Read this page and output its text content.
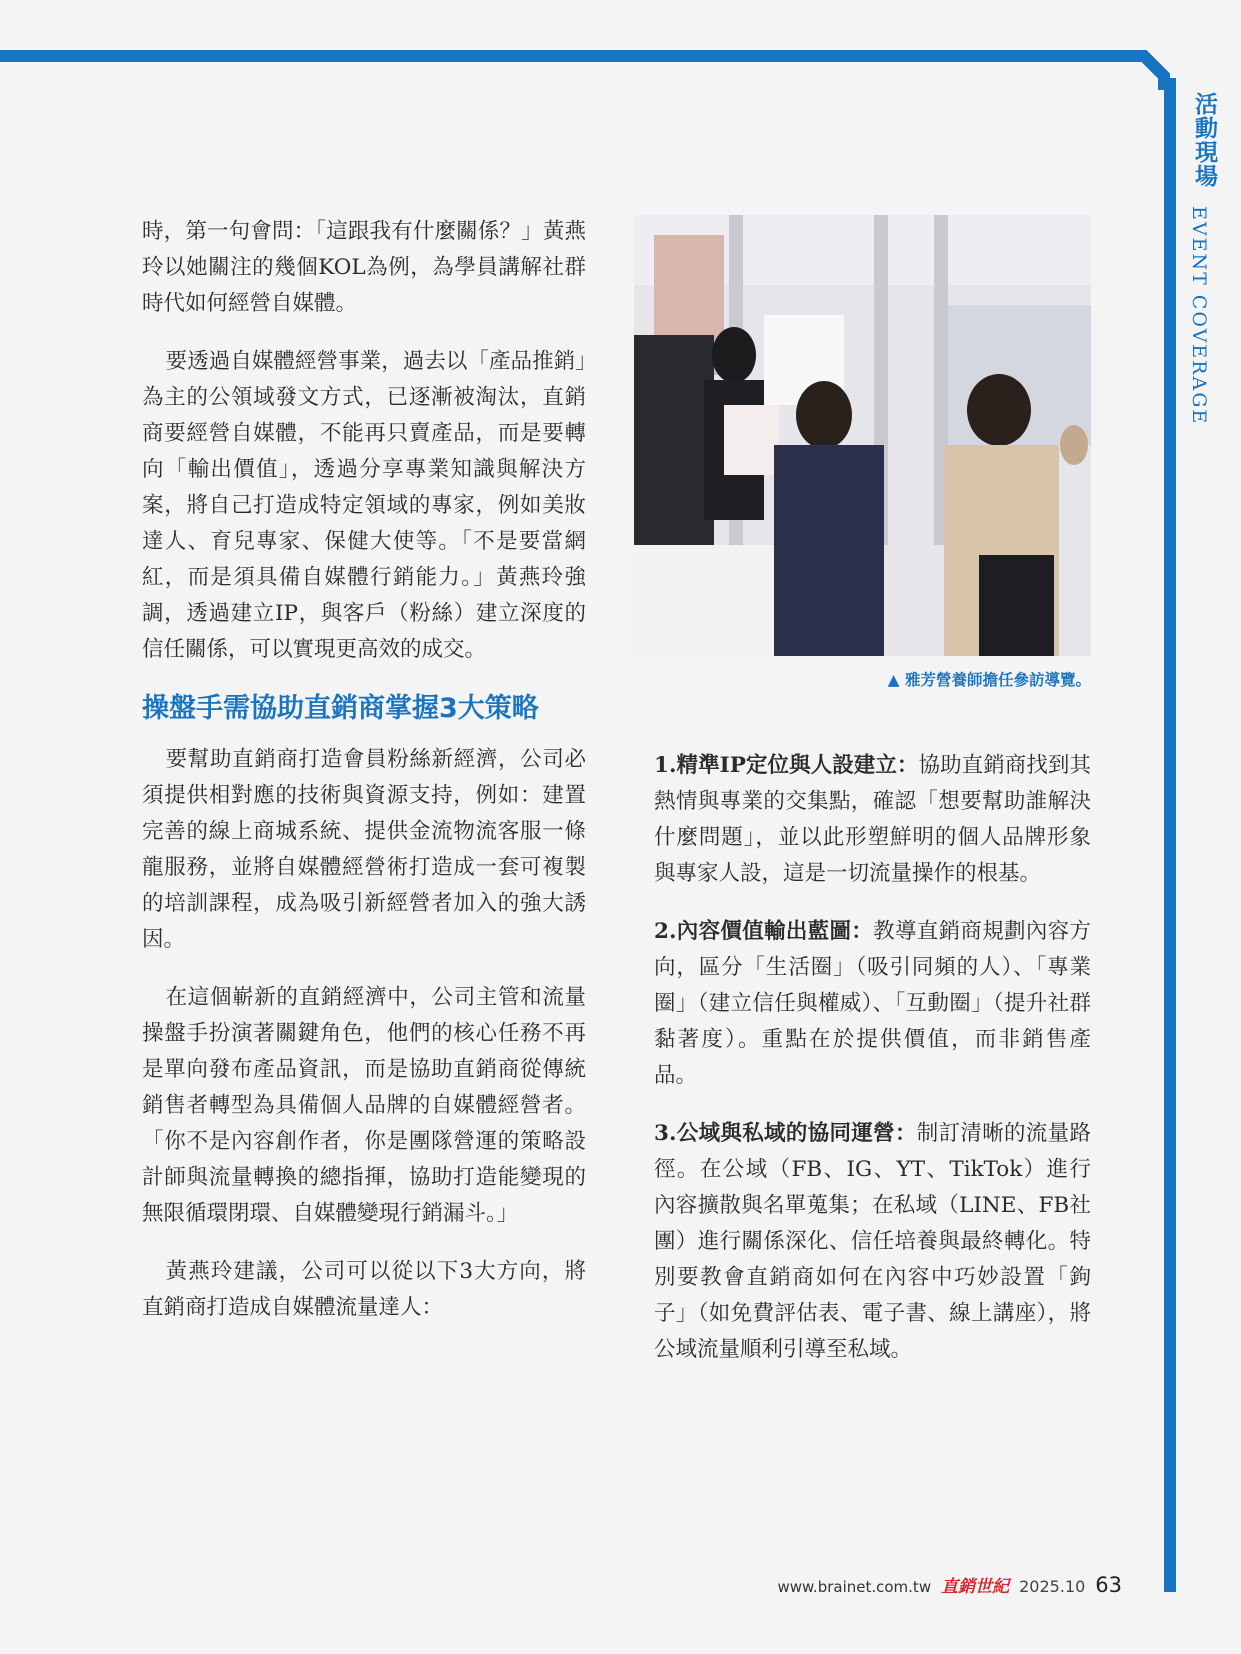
活動現場
EVENT COVERAGE

時，第一句會問：「這跟我有什麼關係？」黃燕玲以她關注的幾個KOL為例，為學員講解社群時代如何經營自媒體。

要透過自媒體經營事業，過去以「產品推銷」為主的公領域發文方式，已逐漸被淘汰，直銷商要經營自媒體，不能再只賣產品，而是要轉向「輸出價值」，透過分享專業知識與解決方案，將自己打造成特定領域的專家，例如美妝達人、育兒專家、保健大使等。「不是要當網紅，而是須具備自媒體行銷能力。」黃燕玲強調，透過建立IP，與客戶（粉絲）建立深度的信任關係，可以實現更高效的成交。

操盤手需協助直銷商掌握3大策略

要幫助直銷商打造會員粉絲新經濟，公司必須提供相對應的技術與資源支持，例如：建置完善的線上商城系統、提供金流物流客服一條龍服務，並將自媒體經營術打造成一套可複製的培訓課程，成為吸引新經營者加入的強大誘因。

在這個嶄新的直銷經濟中，公司主管和流量操盤手扮演著關鍵角色，他們的核心任務不再是單向發布產品資訊，而是協助直銷商從傳統銷售者轉型為具備個人品牌的自媒體經營者。「你不是內容創作者，你是團隊營運的策略設計師與流量轉換的總指揮，協助打造能變現的無限循環閉環、自媒體變現行銷漏斗。」

黃燕玲建議，公司可以從以下3大方向，將直銷商打造成自媒體流量達人：

▲ 雅芳營養師擔任參訪導覽。

1.精準IP定位與人設建立：協助直銷商找到其熱情與專業的交集點，確認「想要幫助誰解決什麼問題」，並以此形塑鮮明的個人品牌形象與專家人設，這是一切流量操作的根基。

2.內容價值輸出藍圖：教導直銷商規劃內容方向，區分「生活圈」（吸引同頻的人）、「專業圈」（建立信任與權威）、「互動圈」（提升社群黏著度）。重點在於提供價值，而非銷售產品。

3.公域與私域的協同運營：制訂清晰的流量路徑。在公域（FB、IG、YT、TikTok）進行內容擴散與名單蒐集；在私域（LINE、FB社團）進行關係深化、信任培養與最終轉化。特別要教會直銷商如何在內容中巧妙設置「鉤子」（如免費評估表、電子書、線上講座），將公域流量順利引導至私域。

www.brainet.com.tw 直銷世紀 2025.10 63
